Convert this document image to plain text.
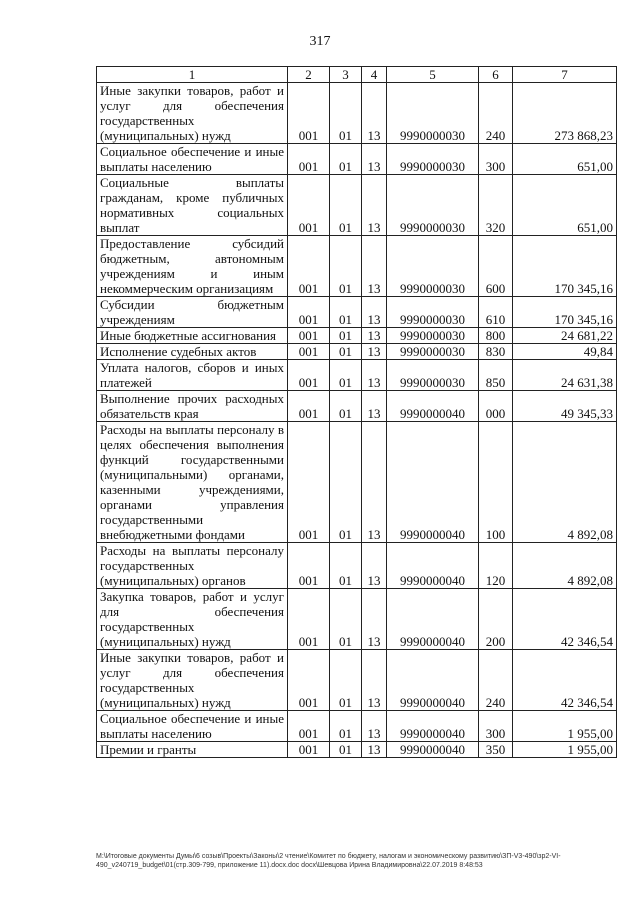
317
1	2	3	4	5	6	7
Иные закупки товаров, работ и услуг для обеспечения государственных (муниципальных) нужд	001	01	13	9990000030	240	273 868,23
Социальное обеспечение и иные выплаты населению	001	01	13	9990000030	300	651,00
Социальные выплаты гражданам, кроме публичных нормативных социальных выплат	001	01	13	9990000030	320	651,00
Предоставление субсидий бюджетным, автономным учреждениям и иным некоммерческим организациям	001	01	13	9990000030	600	170 345,16
Субсидии бюджетным учреждениям	001	01	13	9990000030	610	170 345,16
Иные бюджетные ассигнования	001	01	13	9990000030	800	24 681,22
Исполнение судебных актов	001	01	13	9990000030	830	49,84
Уплата налогов, сборов и иных платежей	001	01	13	9990000030	850	24 631,38
Выполнение прочих расходных обязательств края	001	01	13	9990000040	000	49 345,33
Расходы на выплаты персоналу в целях обеспечения выполнения функций государственными (муниципальными) органами, казенными учреждениями, органами управления государственными внебюджетными фондами	001	01	13	9990000040	100	4 892,08
Расходы на выплаты персоналу государственных (муниципальных) органов	001	01	13	9990000040	120	4 892,08
Закупка товаров, работ и услуг для обеспечения государственных (муниципальных) нужд	001	01	13	9990000040	200	42 346,54
Иные закупки товаров, работ и услуг для обеспечения государственных (муниципальных) нужд	001	01	13	9990000040	240	42 346,54
Социальное обеспечение и иные выплаты населению	001	01	13	9990000040	300	1 955,00
Премии и гранты	001	01	13	9990000040	350	1 955,00
M:\Итоговые документы Думы\6 созыв\Проекты\Законы\2 чтение\Комитет по бюджету, налогам и экономическому развитию\ЗП-V3-490\зр2-VI-490_v240719_budget\01(стр.309-799, приложение 11).docx.doc docx\Шевцова Ирина Владимировна\22.07.2019 8:48:53
